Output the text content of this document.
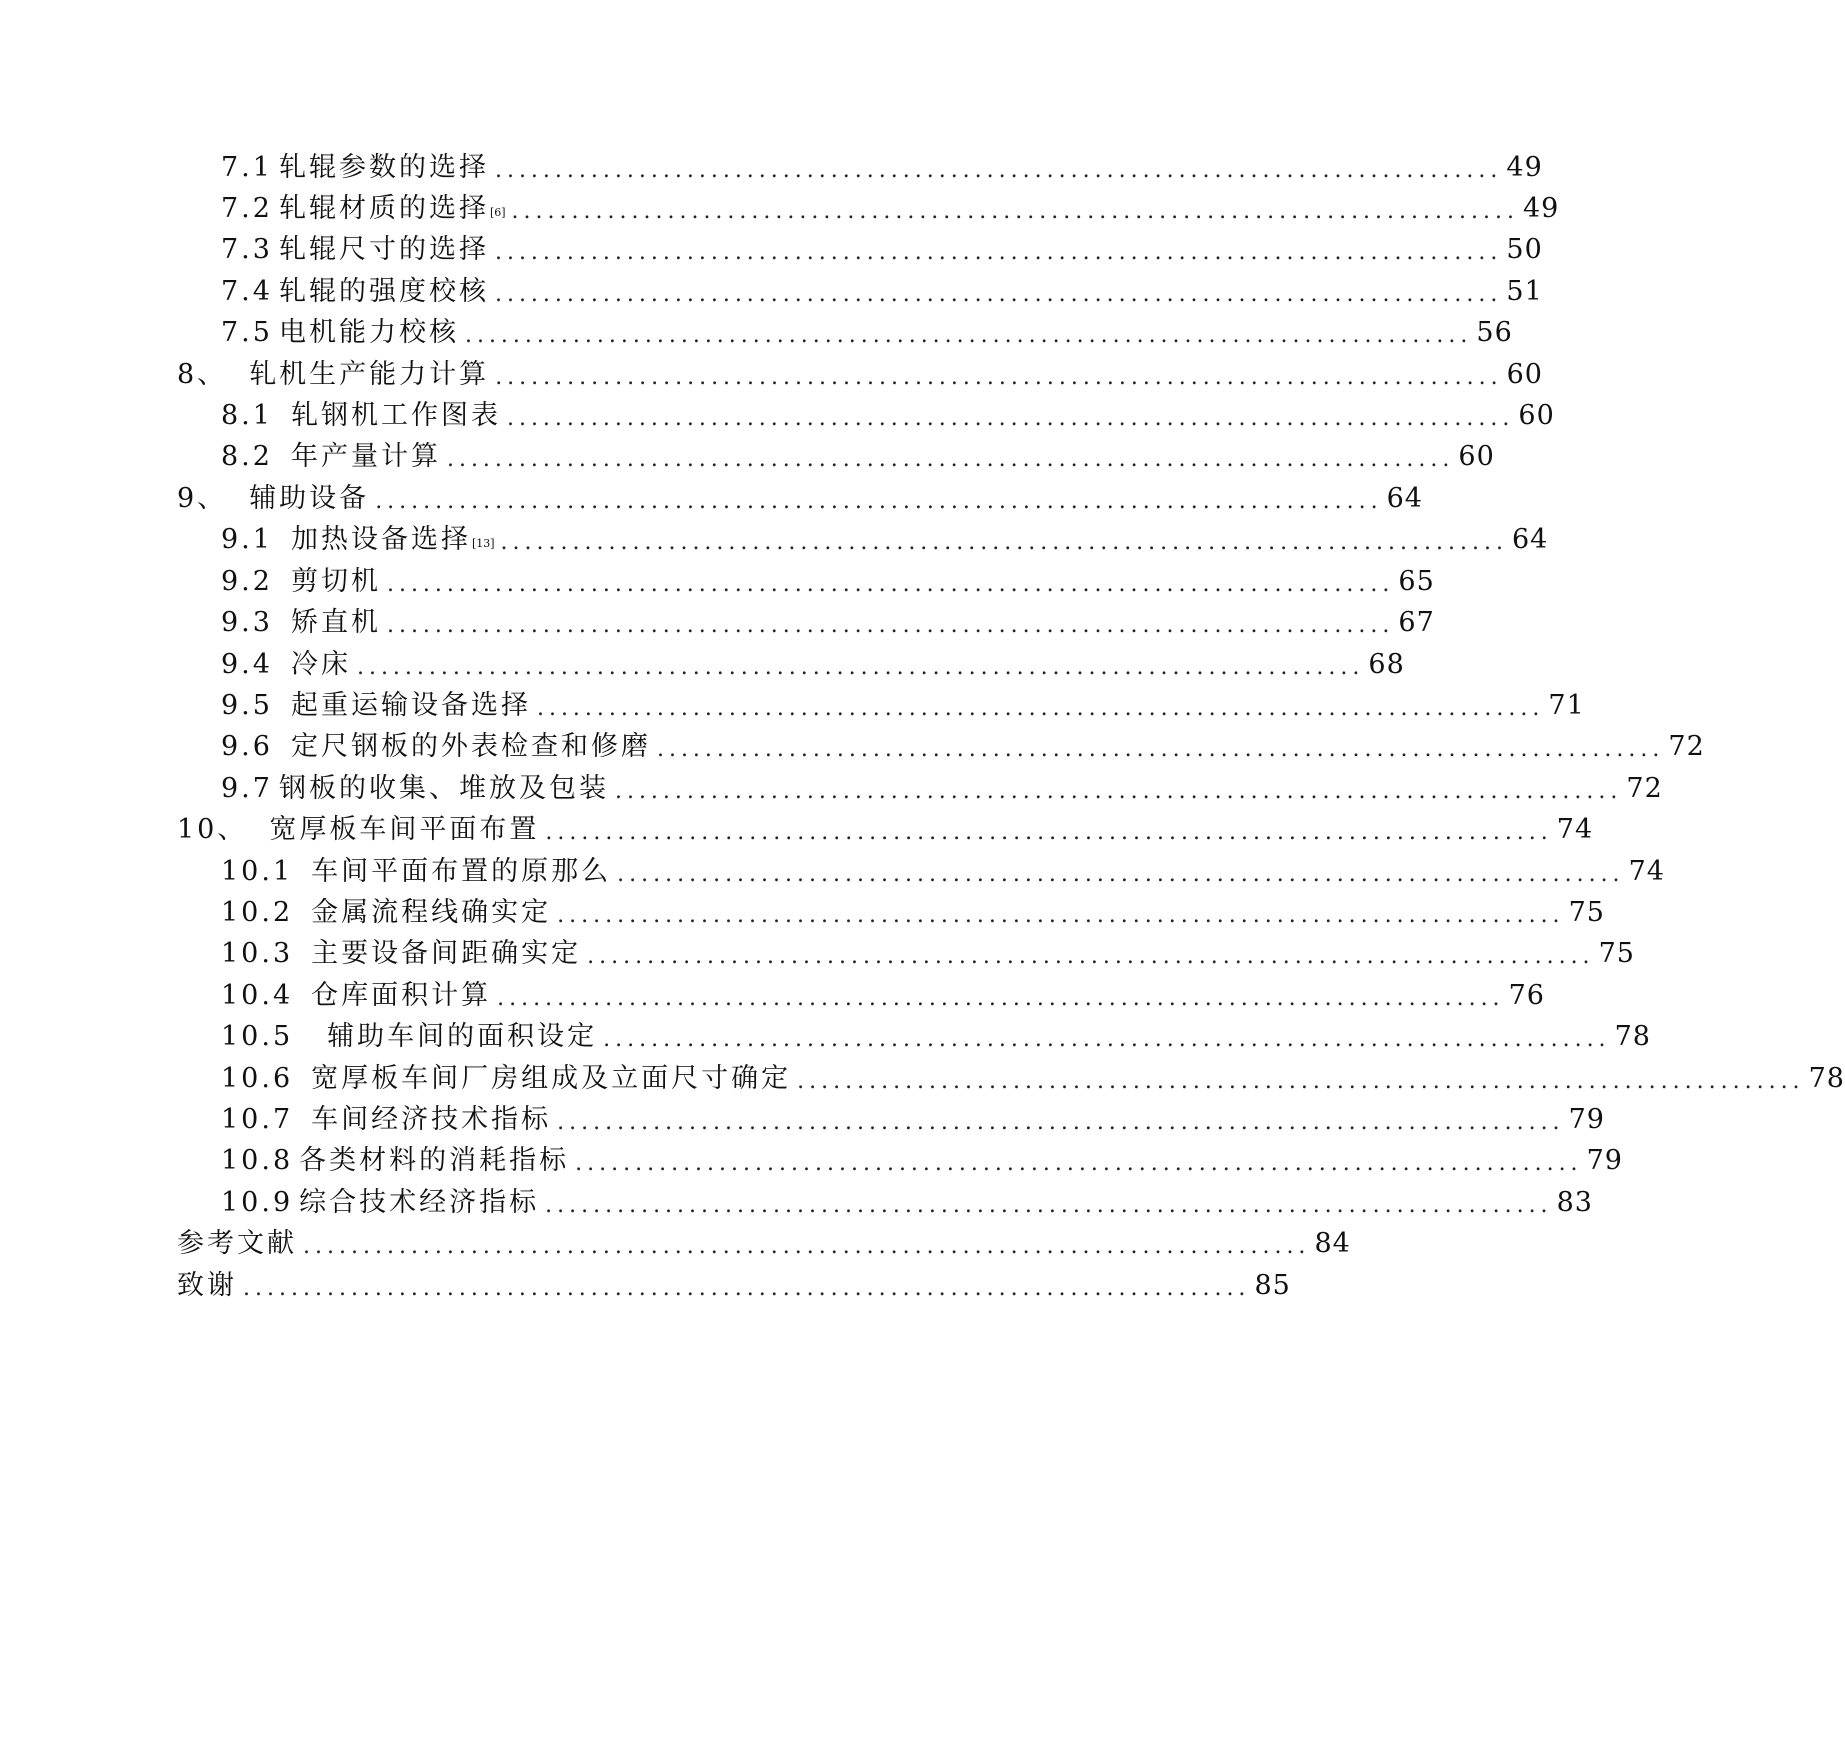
7.1 轧辊参数的选择 .................................................................................... 49
7.2 轧辊材质的选择 [6] .................................................................................... 49
7.3 轧辊尺寸的选择 .................................................................................... 50
7.4 轧辊的强度校核 .................................................................................... 51
7.5 电机能力校核 .................................................................................... 56
8、 轧机生产能力计算 .................................................................................... 60
8.1 轧钢机工作图表 .................................................................................... 60
8.2 年产量计算 .................................................................................... 60
9、 辅助设备 .................................................................................... 64
9.1 加热设备选择 [13] .................................................................................... 64
9.2 剪切机 .................................................................................... 65
9.3 矫直机 .................................................................................... 67
9.4 冷床 .................................................................................... 68
9.5 起重运输设备选择 .................................................................................... 71
9.6 定尺钢板的外表检查和修磨 .................................................................................... 72
9.7 钢板的收集、堆放及包装 .................................................................................... 72
10、 宽厚板车间平面布置 .................................................................................... 74
10.1 车间平面布置的原那么 .................................................................................... 74
10.2 金属流程线确实定 .................................................................................... 75
10.3 主要设备间距确实定 .................................................................................... 75
10.4 仓库面积计算 .................................................................................... 76
10.5 辅助车间的面积设定 .................................................................................... 78
10.6 宽厚板车间厂房组成及立面尺寸确定 .................................................................................... 78
10.7 车间经济技术指标 .................................................................................... 79
10.8 各类材料的消耗指标 .................................................................................... 79
10.9 综合技术经济指标 .................................................................................... 83
参考文献 .................................................................................... 84
致谢 .................................................................................... 85
